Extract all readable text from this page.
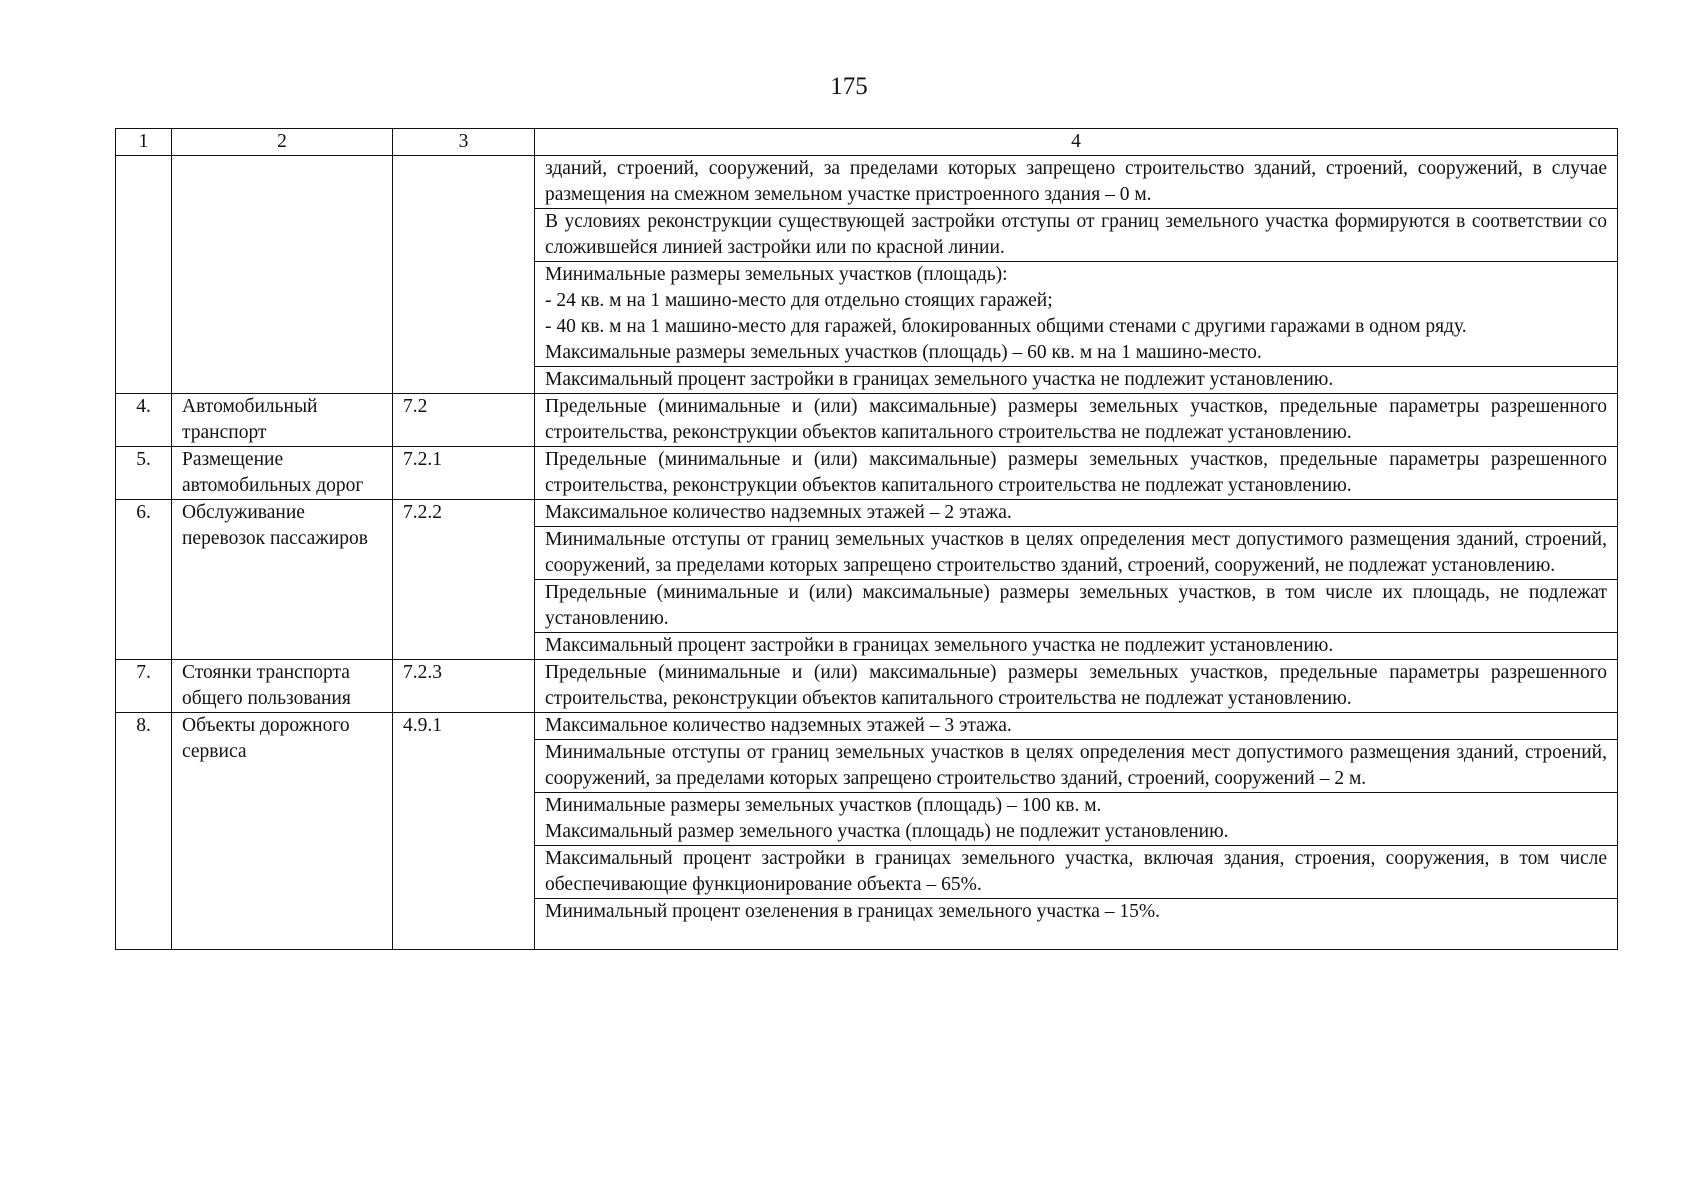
175
1	2	3	4

			зданий, строений, сооружений, за пределами которых запрещено строительство зданий, строений, сооружений, в случае размещения на смежном земельном участке пристроенного здания – 0 м.

			В условиях реконструкции существующей застройки отступы от границ земельного участка формируются в соответствии со сложившейся линией застройки или по красной линии.

			Минимальные размеры земельных участков (площадь):
- 24 кв. м на 1 машино-место для отдельно стоящих гаражей;
- 40 кв. м на 1 машино-место для гаражей, блокированных общими стенами с другими гаражами в одном ряду.
Максимальные размеры земельных участков (площадь) – 60 кв. м на 1 машино-место.

			Максимальный процент застройки в границах земельного участка не подлежит установлению.

4.	Автомобильный транспорт	7.2	Предельные (минимальные и (или) максимальные) размеры земельных участков, предельные параметры разрешенного строительства, реконструкции объектов капитального строительства не подлежат установлению.

5.	Размещение автомобильных дорог	7.2.1	Предельные (минимальные и (или) максимальные) размеры земельных участков, предельные параметры разрешенного строительства, реконструкции объектов капитального строительства не подлежат установлению.

6.	Обслуживание перевозок пассажиров	7.2.2	Максимальное количество надземных этажей – 2 этажа.

			Минимальные отступы от границ земельных участков в целях определения мест допустимого размещения зданий, строений, сооружений, за пределами которых запрещено строительство зданий, строений, сооружений, не подлежат установлению.

			Предельные (минимальные и (или) максимальные) размеры земельных участков, в том числе их площадь, не подлежат установлению.

			Максимальный процент застройки в границах земельного участка не подлежит установлению.

7.	Стоянки транспорта общего пользования	7.2.3	Предельные (минимальные и (или) максимальные) размеры земельных участков, предельные параметры разрешенного строительства, реконструкции объектов капитального строительства не подлежат установлению.

8.	Объекты дорожного сервиса	4.9.1	Максимальное количество надземных этажей – 3 этажа.

			Минимальные отступы от границ земельных участков в целях определения мест допустимого размещения зданий, строений, сооружений, за пределами которых запрещено строительство зданий, строений, сооружений – 2 м.

			Минимальные размеры земельных участков (площадь) – 100 кв. м.
Максимальный размер земельного участка (площадь) не подлежит установлению.

			Максимальный процент застройки в границах земельного участка, включая здания, строения, сооружения, в том числе обеспечивающие функционирование объекта – 65%.

			Минимальный процент озеленения в границах земельного участка – 15%.
